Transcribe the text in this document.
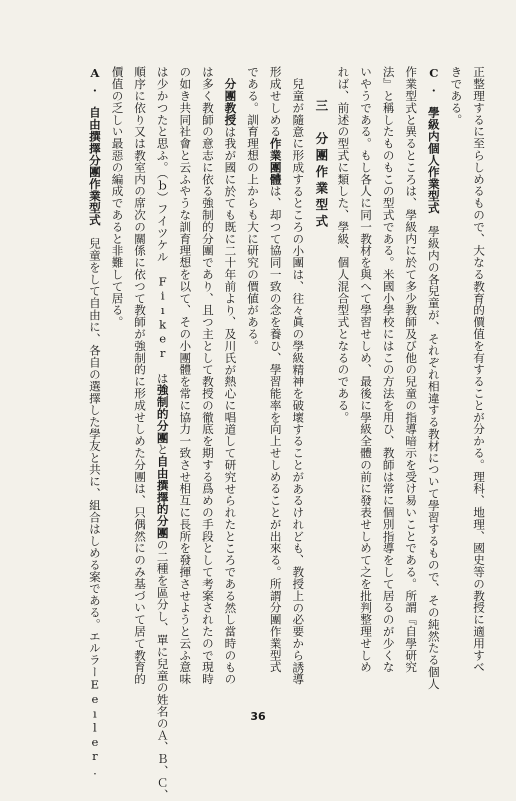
正整理するに至らしめるもので、大なる教育的價值を有することが分かる。理科、地理、國史等の教授に適用すべ
きである。
C.　學級内個人作業型式　學級内の各兒童が、それぞれ相違する教材について學習するもので、その純然たる個人
作業型式と異るところは、學級内に於て多少教師及び他の兒童の指導暗示を受け易いことである。所謂『自學研究
法』と稱したものもこの型式である。米國小學校にはこの方法を用ひ、教師は常に個別指導をして居るのが少くな
いやうである。もし各人に同一教材を與へて學習せしめ、最後に學級全體の前に發表せしめて之を批判整理せしめ
れば、前述の型式に類した、學級、個人混合型式となるのである。
三　分團作業型式
兒童が隨意に形成するところの小團は、往々眞の學級精神を破壞することがあるけれども、教授上の必要から誘導
形成せしめる作業團體は、却つて協同一致の念を養ひ、學習能率を向上せしめることが出來る。所謂分團作業型式
である。訓育理想の上からも大に研究の價値がある。
分團教授は我が國に於ても既に二十年前より、及川氏が熱心に唱道して研究せられたところである然し當時のもの
は多く教師の意志に依る強制的分團であり、且つ主として教授の徹底を期する爲めの手段として考案されたので現時
の如き共同社會と云ふやうな訓育理想を以て、その小團體を常に協力一致させ相互に長所を發揮させようと云ふ意味
は少かつたと思ふ。（ｂ）フイツケル　Fiıker　は強制的分團と自由撰擇的分團の二種を區分し、單に兒童の姓名のＡ、Ｂ、Ｃ、
順序に依り又は教室内の席次の關係に依つて教師が強制的に形成せしめた分團は、只偶然にのみ基づいて居て教育的
價值の乏しい最惡の編成であると非難して居る。
A.　自由撰擇分團作業型式　兒童をして自由に、各自の選擇した學友と共に、組合はしめる案である。エルラーEeıler.	36
